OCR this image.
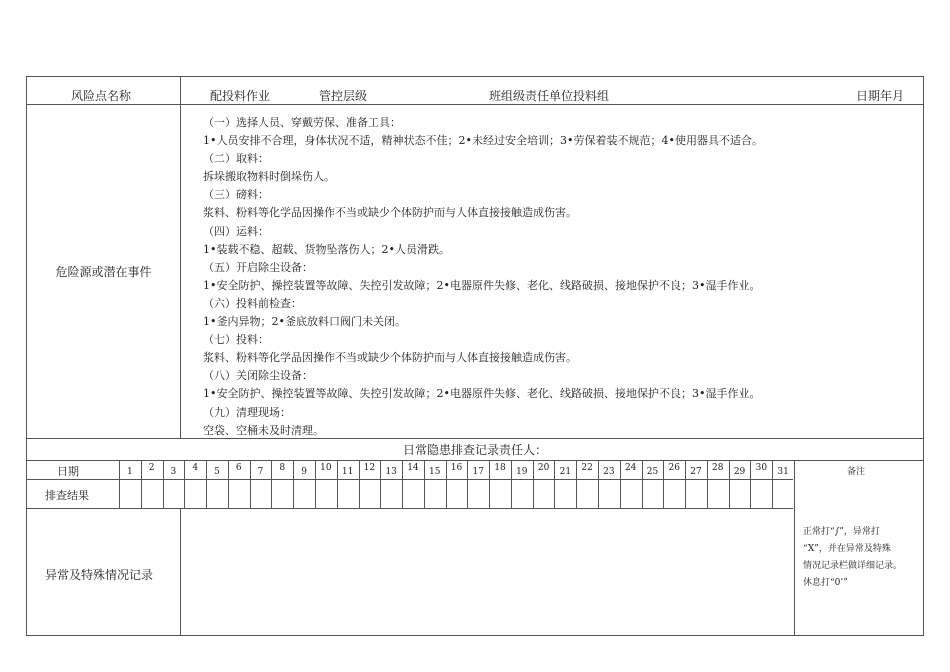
风险点名称	配投料作业	管控层级	班组级责任单位投料组	日期年月
危险源或潜在事件
（一）选择人员、穿戴劳保、准备工具：
1•人员安排不合理，身体状况不适，精神状态不佳；2•未经过安全培训；3•劳保着装不规范；4•使用器具不适合。
（二）取料：
拆垛搬取物料时倒垛伤人。
（三）磅料：
浆料、粉料等化学品因操作不当或缺少个体防护而与人体直接接触造成伤害。
（四）运料：
1•装载不稳、超载、货物坠落伤人；2•人员滑跌。
（五）开启除尘设备：
1•安全防护、操控装置等故障、失控引发故障；2•电器原件失修、老化、线路破损、接地保护不良；3•湿手作业。
（六）投料前检查：
1•釜内异物；2•釜底放料口阀门未关闭。
（七）投料：
浆料、粉料等化学品因操作不当或缺少个体防护而与人体直接接触造成伤害。
（八）关闭除尘设备：
1•安全防护、操控装置等故障、失控引发故障；2•电器原件失修、老化、线路破损、接地保护不良；3•湿手作业。
（九）清理现场：
空袋、空桶未及时清理。
日常隐患排查记录责任人：
日期	1	2	3	4	5	6	7	8	9	10	11	12	13	14	15	16	17	18	19	20	21	22	23	24	25	26	27	28	29	30	31	备注
排查结果
异常及特殊情况记录
正常打“∫”，异常打
“X”，并在异常及特殊
情况记录栏做详细记录。
休息打“0’”
